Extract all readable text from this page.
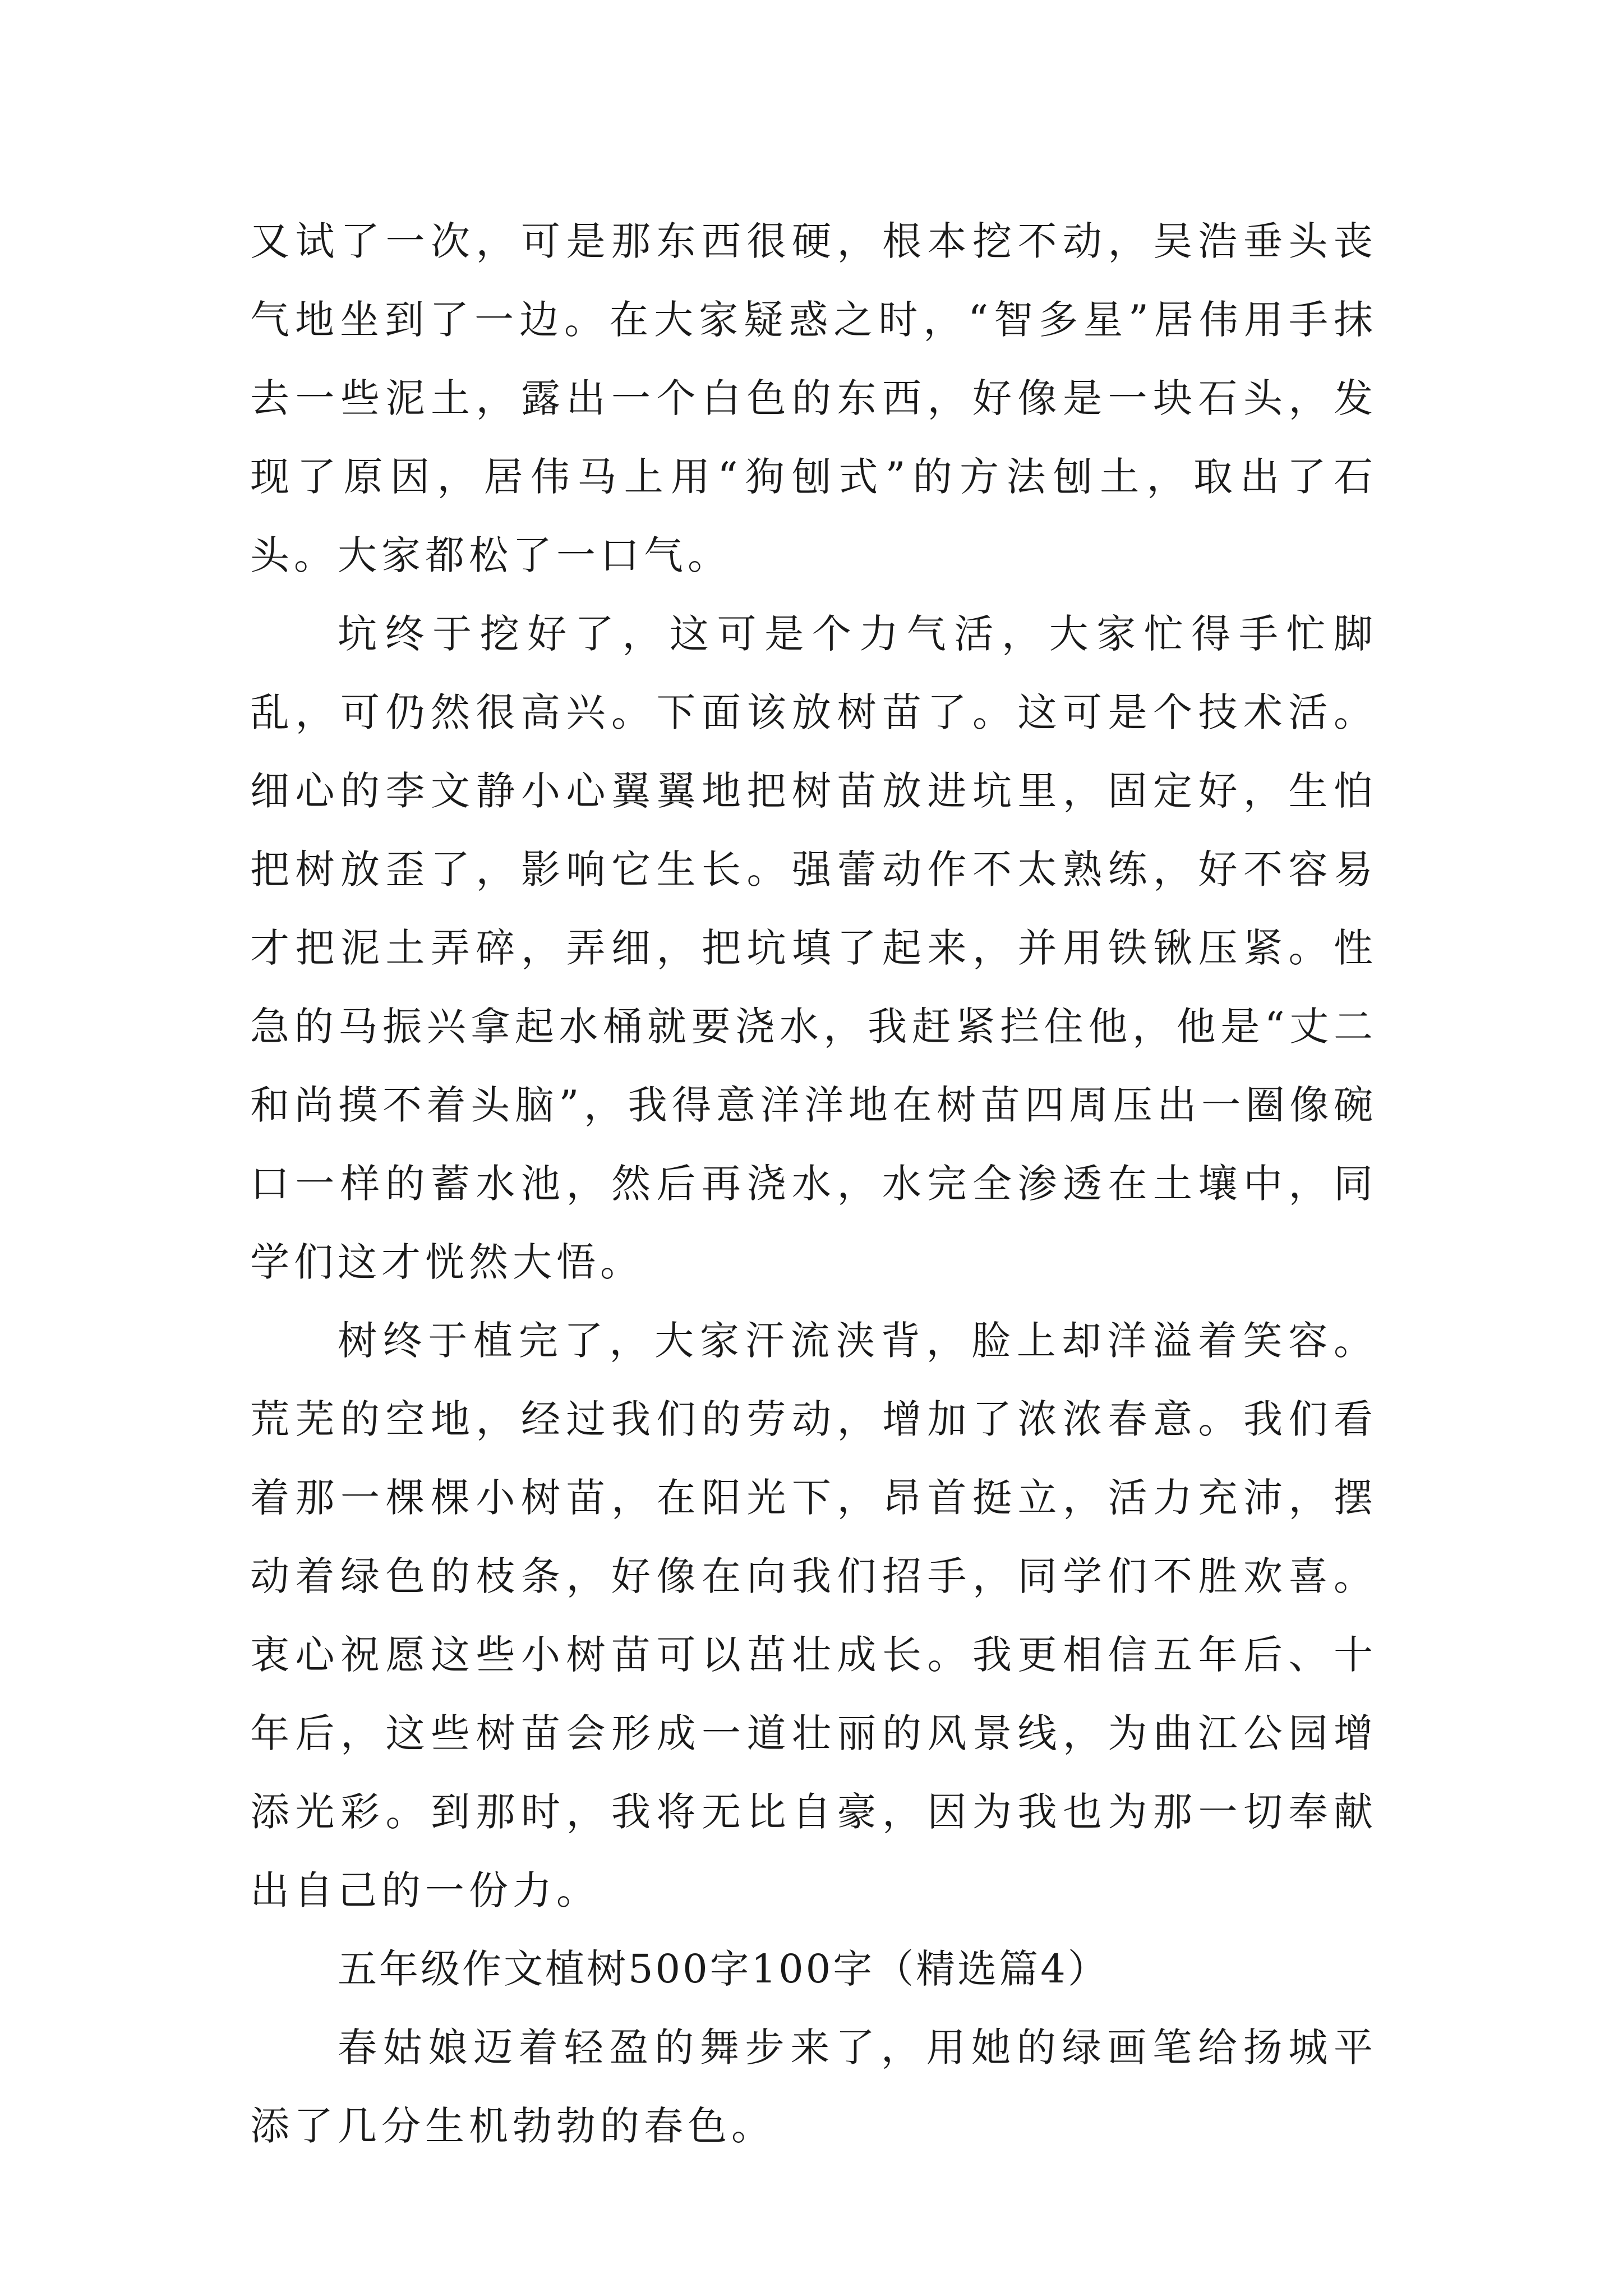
又试了一次，可是那东西很硬，根本挖不动，吴浩垂头丧气地坐到了一边。在大家疑惑之时，“智多星”居伟用手抹去一些泥土，露出一个白色的东西，好像是一块石头，发现了原因，居伟马上用“狗刨式”的方法刨土，取出了石头。大家都松了一口气。

坑终于挖好了，这可是个力气活，大家忙得手忙脚乱，可仍然很高兴。下面该放树苗了。这可是个技术活。细心的李文静小心翼翼地把树苗放进坑里，固定好，生怕把树放歪了，影响它生长。强蕾动作不太熟练，好不容易才把泥土弄碎，弄细，把坑填了起来，并用铁锹压紧。性急的马振兴拿起水桶就要浇水，我赶紧拦住他，他是“丈二和尚摸不着头脑”，我得意洋洋地在树苗四周压出一圈像碗口一样的蓄水池，然后再浇水，水完全渗透在土壤中，同学们这才恍然大悟。

树终于植完了，大家汗流浃背，脸上却洋溢着笑容。荒芜的空地，经过我们的劳动，增加了浓浓春意。我们看着那一棵棵小树苗，在阳光下，昂首挺立，活力充沛，摆动着绿色的枝条，好像在向我们招手，同学们不胜欢喜。衷心祝愿这些小树苗可以茁壮成长。我更相信五年后、十年后，这些树苗会形成一道壮丽的风景线，为曲江公园增添光彩。到那时，我将无比自豪，因为我也为那一切奉献出自己的一份力。

五年级作文植树500字100字（精选篇4）

春姑娘迈着轻盈的舞步来了，用她的绿画笔给扬城平添了几分生机勃勃的春色。
